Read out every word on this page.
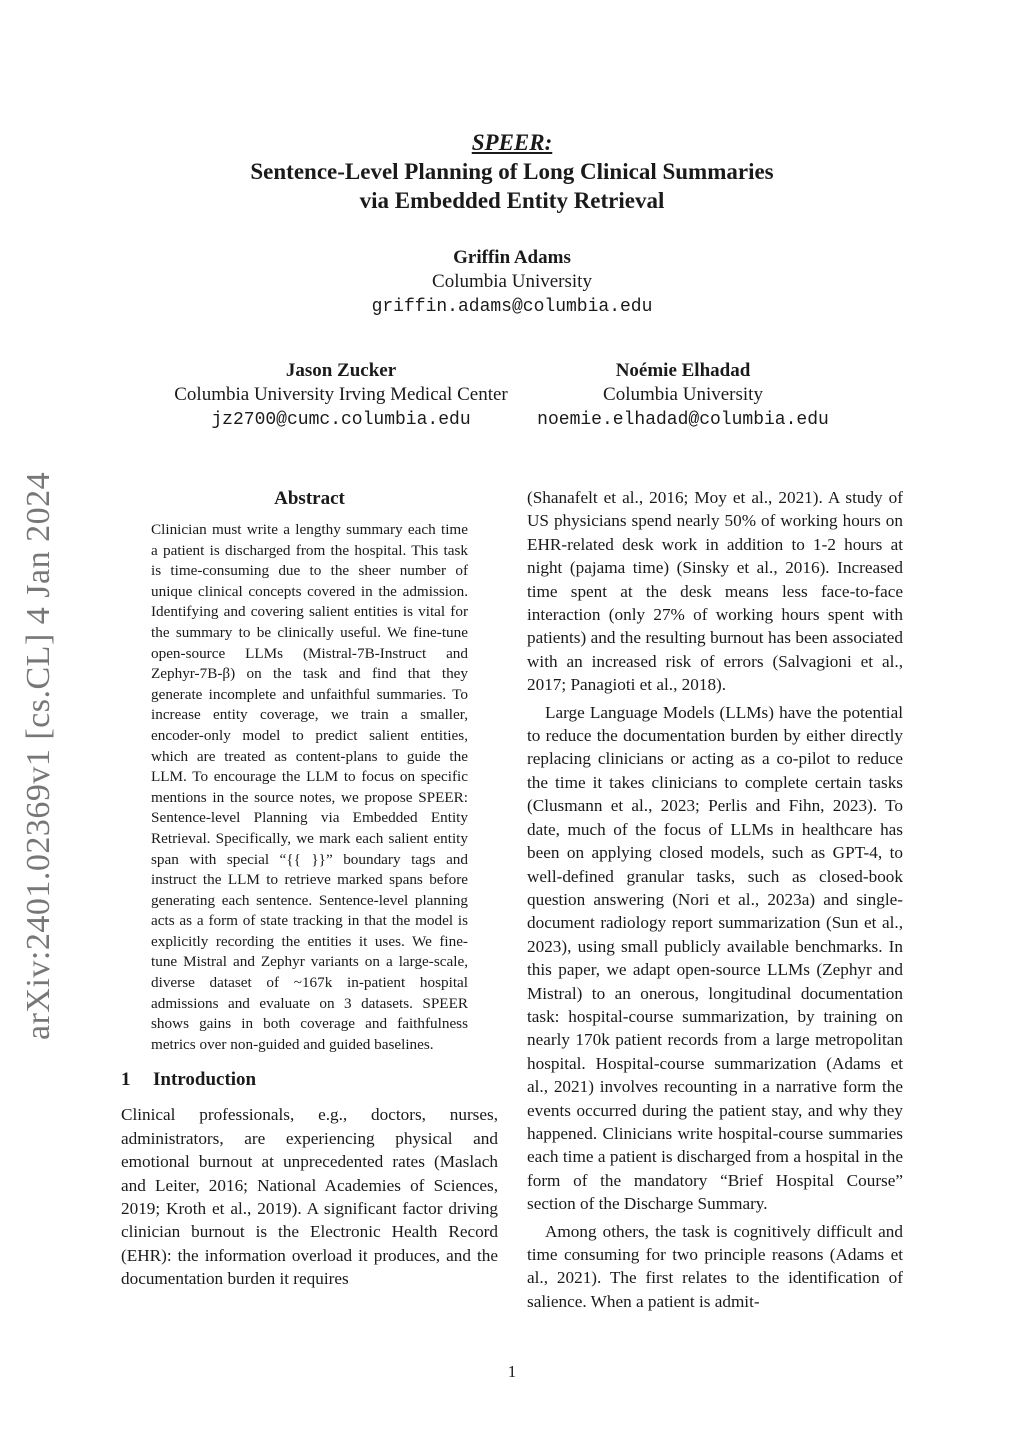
arXiv:2401.02369v1 [cs.CL] 4 Jan 2024

SPEER:

Sentence-Level Planning of Long Clinical Summaries

via Embedded Entity Retrieval

Griffin Adams
Columbia University
griffin.adams@columbia.edu
Jason Zucker
Columbia University Irving Medical Center
jz2700@cumc.columbia.edu
Noémie Elhadad
Columbia University
noemie.elhadad@columbia.edu
Abstract

Clinician must write a lengthy summary each time a patient is discharged from the hospital. This task is time-consuming due to the sheer number of unique clinical concepts covered in the admission. Identifying and covering salient entities is vital for the summary to be clinically useful. We fine-tune open-source LLMs (Mistral-7B-Instruct and Zephyr-7B-β) on the task and find that they generate incomplete and unfaithful summaries. To increase entity coverage, we train a smaller, encoder-only model to predict salient entities, which are treated as content-plans to guide the LLM. To encourage the LLM to focus on specific mentions in the source notes, we propose SPEER: Sentence-level Planning via Embedded Entity Retrieval. Specifically, we mark each salient entity span with special “{{ }}” boundary tags and instruct the LLM to retrieve marked spans before generating each sentence. Sentence-level planning acts as a form of state tracking in that the model is explicitly recording the entities it uses. We fine-tune Mistral and Zephyr variants on a large-scale, diverse dataset of ~167k in-patient hospital admissions and evaluate on 3 datasets. SPEER shows gains in both coverage and faithfulness metrics over non-guided and guided baselines.

1 Introduction

Clinical professionals, e.g., doctors, nurses, administrators, are experiencing physical and emotional burnout at unprecedented rates (Maslach and Leiter, 2016; National Academies of Sciences, 2019; Kroth et al., 2019). A significant factor driving clinician burnout is the Electronic Health Record (EHR): the information overload it produces, and the documentation burden it requires

(Shanafelt et al., 2016; Moy et al., 2021). A study of US physicians spend nearly 50% of working hours on EHR-related desk work in addition to 1-2 hours at night (pajama time) (Sinsky et al., 2016). Increased time spent at the desk means less face-to-face interaction (only 27% of working hours spent with patients) and the resulting burnout has been associated with an increased risk of errors (Salvagioni et al., 2017; Panagioti et al., 2018).

Large Language Models (LLMs) have the potential to reduce the documentation burden by either directly replacing clinicians or acting as a co-pilot to reduce the time it takes clinicians to complete certain tasks (Clusmann et al., 2023; Perlis and Fihn, 2023). To date, much of the focus of LLMs in healthcare has been on applying closed models, such as GPT-4, to well-defined granular tasks, such as closed-book question answering (Nori et al., 2023a) and single-document radiology report summarization (Sun et al., 2023), using small publicly available benchmarks. In this paper, we adapt open-source LLMs (Zephyr and Mistral) to an onerous, longitudinal documentation task: hospital-course summarization, by training on nearly 170k patient records from a large metropolitan hospital. Hospital-course summarization (Adams et al., 2021) involves recounting in a narrative form the events occurred during the patient stay, and why they happened. Clinicians write hospital-course summaries each time a patient is discharged from a hospital in the form of the mandatory “Brief Hospital Course” section of the Discharge Summary.

Among others, the task is cognitively difficult and time consuming for two principle reasons (Adams et al., 2021). The first relates to the identification of salience. When a patient is admit-

1
